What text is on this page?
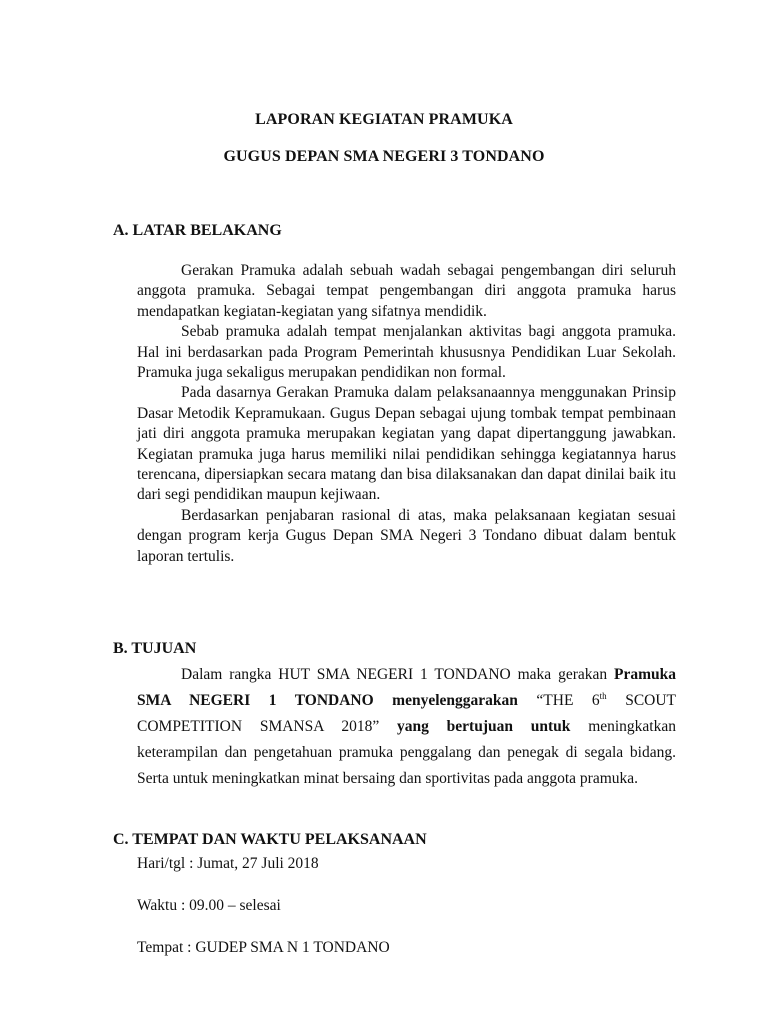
LAPORAN KEGIATAN PRAMUKA
GUGUS DEPAN SMA NEGERI 3 TONDANO
A. LATAR BELAKANG

Gerakan Pramuka adalah sebuah wadah sebagai pengembangan diri seluruh anggota pramuka. Sebagai tempat pengembangan diri anggota pramuka harus mendapatkan kegiatan-kegiatan yang sifatnya mendidik.

Sebab pramuka adalah tempat menjalankan aktivitas bagi anggota pramuka. Hal ini berdasarkan pada Program Pemerintah khususnya Pendidikan Luar Sekolah. Pramuka juga sekaligus merupakan pendidikan non formal.

Pada dasarnya Gerakan Pramuka dalam pelaksanaannya menggunakan Prinsip Dasar Metodik Kepramukaan. Gugus Depan sebagai ujung tombak tempat pembinaan jati diri anggota pramuka merupakan kegiatan yang dapat dipertanggung jawabkan. Kegiatan pramuka juga harus memiliki nilai pendidikan sehingga kegiatannya harus terencana, dipersiapkan secara matang dan bisa dilaksanakan dan dapat dinilai baik itu dari segi pendidikan maupun kejiwaan.

Berdasarkan penjabaran rasional di atas, maka pelaksanaan kegiatan sesuai dengan program kerja Gugus Depan SMA Negeri 3 Tondano dibuat dalam bentuk laporan tertulis.

B. TUJUAN

Dalam rangka HUT SMA NEGERI 1 TONDANO maka gerakan Pramuka SMA NEGERI 1 TONDANO menyelenggarakan “THE 6th SCOUT COMPETITION SMANSA 2018” yang bertujuan untuk meningkatkan keterampilan dan pengetahuan pramuka penggalang dan penegak di segala bidang. Serta untuk meningkatkan minat bersaing dan sportivitas pada anggota pramuka.

C. TEMPAT DAN WAKTU PELAKSANAAN
Hari/tgl : Jumat, 27 Juli 2018
Waktu : 09.00 – selesai
Tempat : GUDEP SMA N 1 TONDANO
